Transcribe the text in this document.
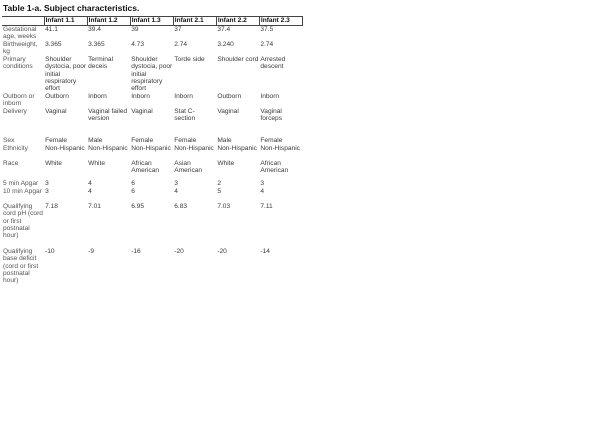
Table 1-a. Subject characteristics.
	Infant 1.1	Infant 1.2	Infant 1.3	Infant 2.1	Infant 2.2	Infant 2.3
Gestational age, weeks	41.1	39.4	39	37	37.4	37.5
Birthweight, kg	3.365	3.365	4.73	2.74	3.240	2.74
Primary conditions	Shoulder dystocia, poor initial respiratory effort	Terminal deceis	Shoulder dystocia, poor initial respiratory effort	Torde side	Shoulder cord	Arrested descent
Outborn or inborn	Outborn	Inborn	Inborn	Inborn	Outborn	Inborn
Delivery	Vaginal	Vaginal failed version	Vaginal	Stat C-section	Vaginal	Vaginal forceps
Sex	Female	Male	Female	Female	Male	Female
Ethnicity	Non-Hispanic	Non-Hispanic	Non-Hispanic	Non-Hispanic	Non-Hispanic	Non-Hispanic
Race	White	White	African American	Asian American	White	African American
5 min Apgar	3	4	6	3	2	3
10 min Apgar	3	4	6	4	5	4
Qualifying cord pH (cord or first postnatal hour)	7.18	7.01	6.95	6.83	7.03	7.11
Qualifying base deficit (cord or first postnatal hour)	-10	-9	-16	-20	-20	-14
